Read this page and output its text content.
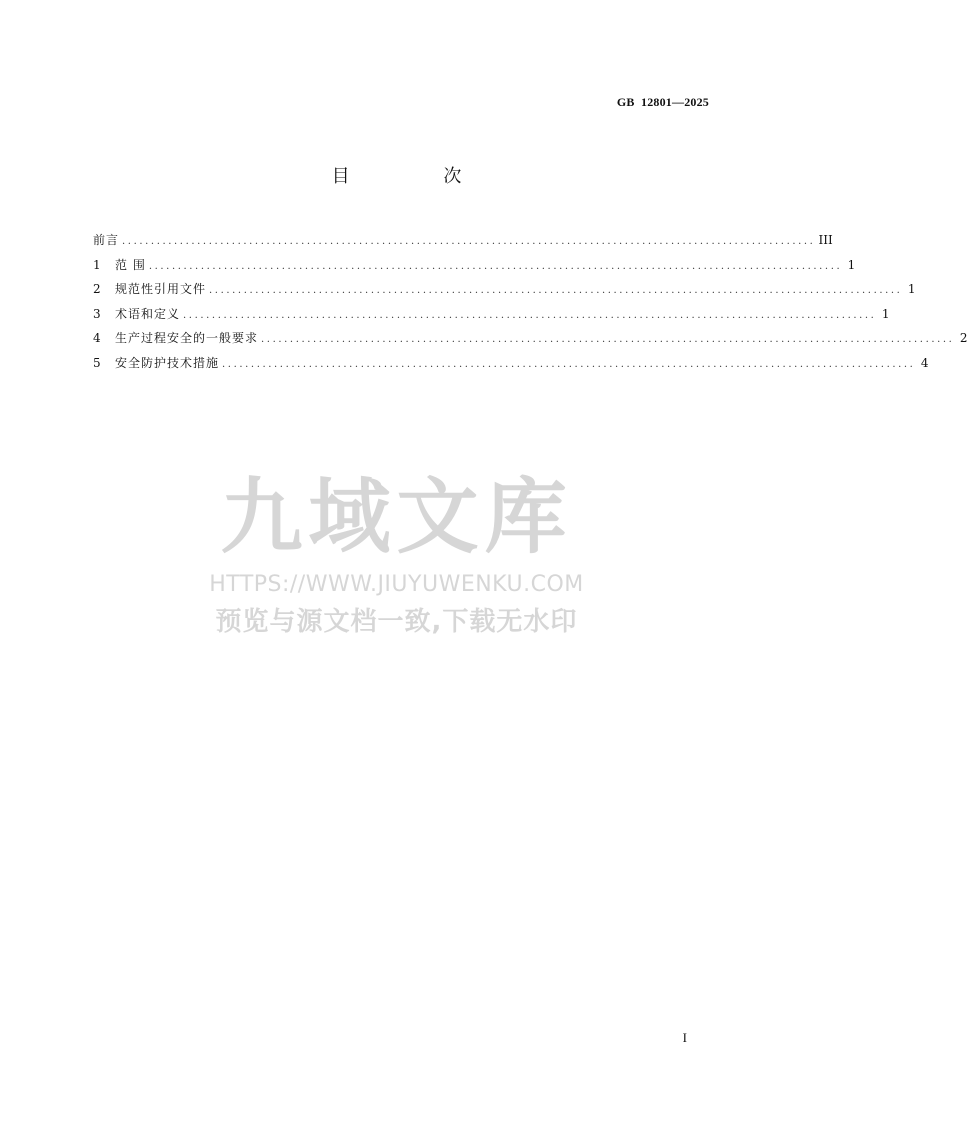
GB  12801—2025
目 次
前言 ........................................................................................................................ III
1	范 围 ........................................................................................................................ 1
2	规范性引用文件 ........................................................................................................................ 1
3	术语和定义 ........................................................................................................................ 1
4	生产过程安全的一般要求 ........................................................................................................................ 2
5	安全防护技术措施 ........................................................................................................................ 4
九域文库
HTTPS://WWW.JIUYUWENKU.COM
预览与源文档一致,下载无水印
I
